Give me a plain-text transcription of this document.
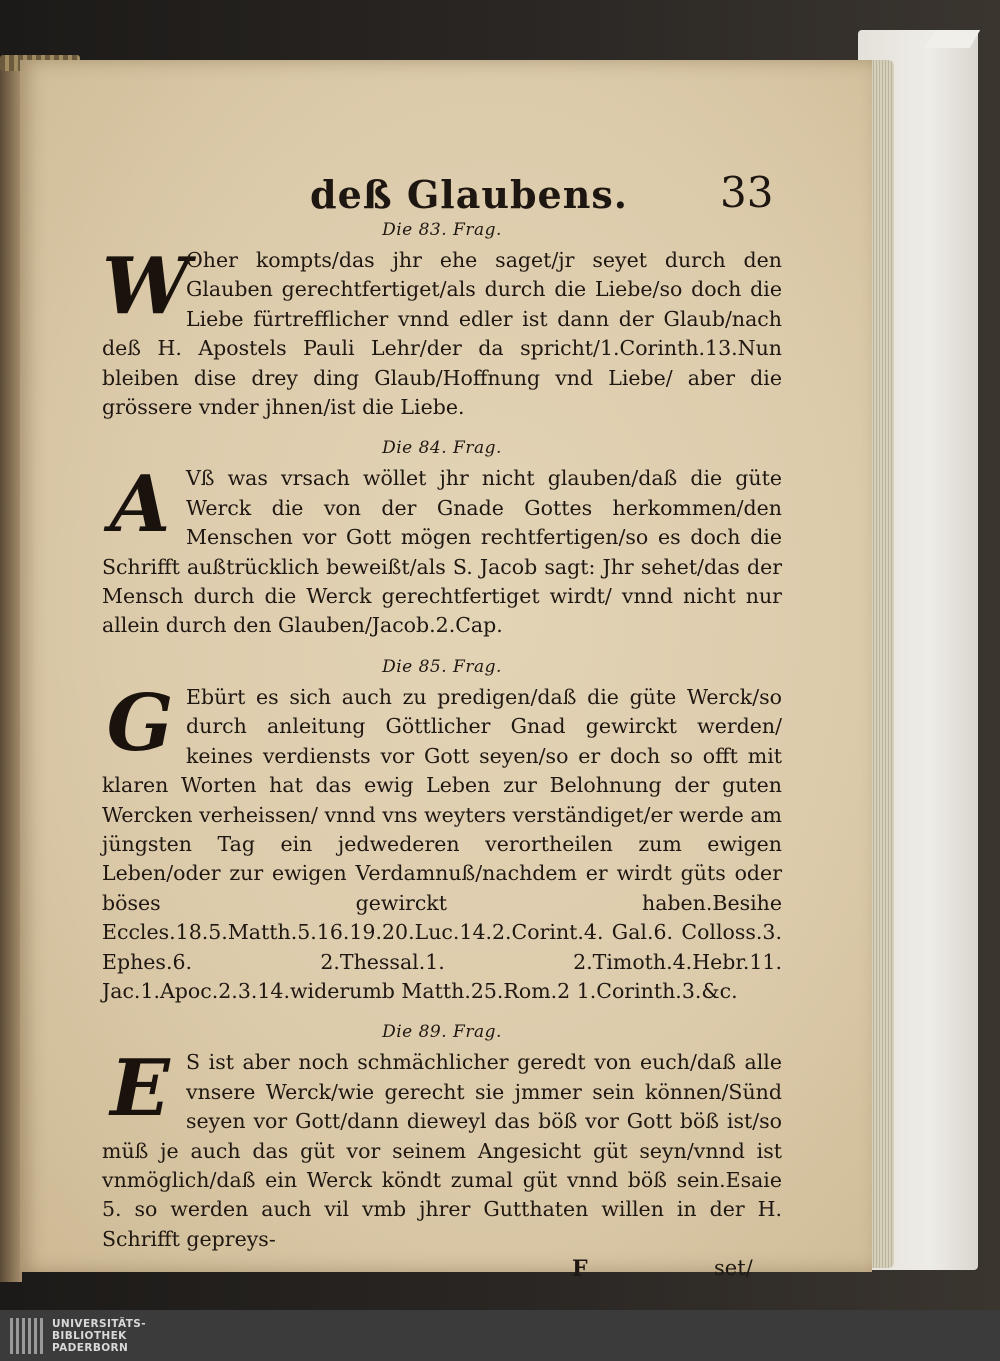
deß Glaubens. 33
Die 83. Frag.

W
Oher kompts/das jhr ehe saget/jr seyet durch den Glauben gerechtfertiget/als durch die Liebe/so doch die Liebe fürtrefflicher vnnd edler ist dann der Glaub/nach deß H. Apostels Pauli Lehr/der da spricht/1.Corinth.13.Nun bleiben dise drey ding Glaub/Hoffnung vnd Liebe/ aber die grössere vnder jhnen/ist die Liebe.

Die 84. Frag.

A Vß was vrsach wöllet jhr nicht glauben/daß die güte Werck die von der Gnade Gottes herkommen/den Menschen vor Gott mögen rechtfertigen/so es doch die Schrifft außtrücklich beweißt/als S. Jacob sagt: Jhr sehet/das der Mensch durch die Werck gerechtfertiget wirdt/ vnnd nicht nur allein durch den Glauben/Jacob.2.Cap.

Die 85. Frag.

G Ebürt es sich auch zu predigen/daß die güte Werck/so durch anleitung Göttlicher Gnad gewirckt werden/ keines verdiensts vor Gott seyen/so er doch so offt mit klaren Worten hat das ewig Leben zur Belohnung der guten Wercken verheissen/ vnnd vns weyters verständiget/er werde am jüngsten Tag ein jedwederen verortheilen zum ewigen Leben/oder zur ewigen Verdamnuß/nachdem er wirdt güts oder böses gewirckt haben.Besihe Eccles.18.5.Matth.5.16.19.20.Luc.14.2.Corint.4. Gal.6. Colloss.3. Ephes.6. 2.Thessal.1. 2.Timoth.4.Hebr.11. Jac.1.Apoc.2.3.14.widerumb Matth.25.Rom.2 1.Corinth.3.&c.

Die 89. Frag.

E S ist aber noch schmächlicher geredt von euch/daß alle vnsere Werck/wie gerecht sie jmmer sein können/Sünd seyen vor Gott/dann dieweyl das böß vor Gott böß ist/so müß je auch das güt vor seinem Angesicht güt seyn/vnnd ist vnmöglich/daß ein Werck köndt zumal güt vnnd böß sein.Esaie 5. so werden auch vil vmb jhrer Gutthaten willen in der H. Schrifft gepreys-

F	set/
UNIVERSITÄTS-
BIBLIOTHEK
PADERBORN
